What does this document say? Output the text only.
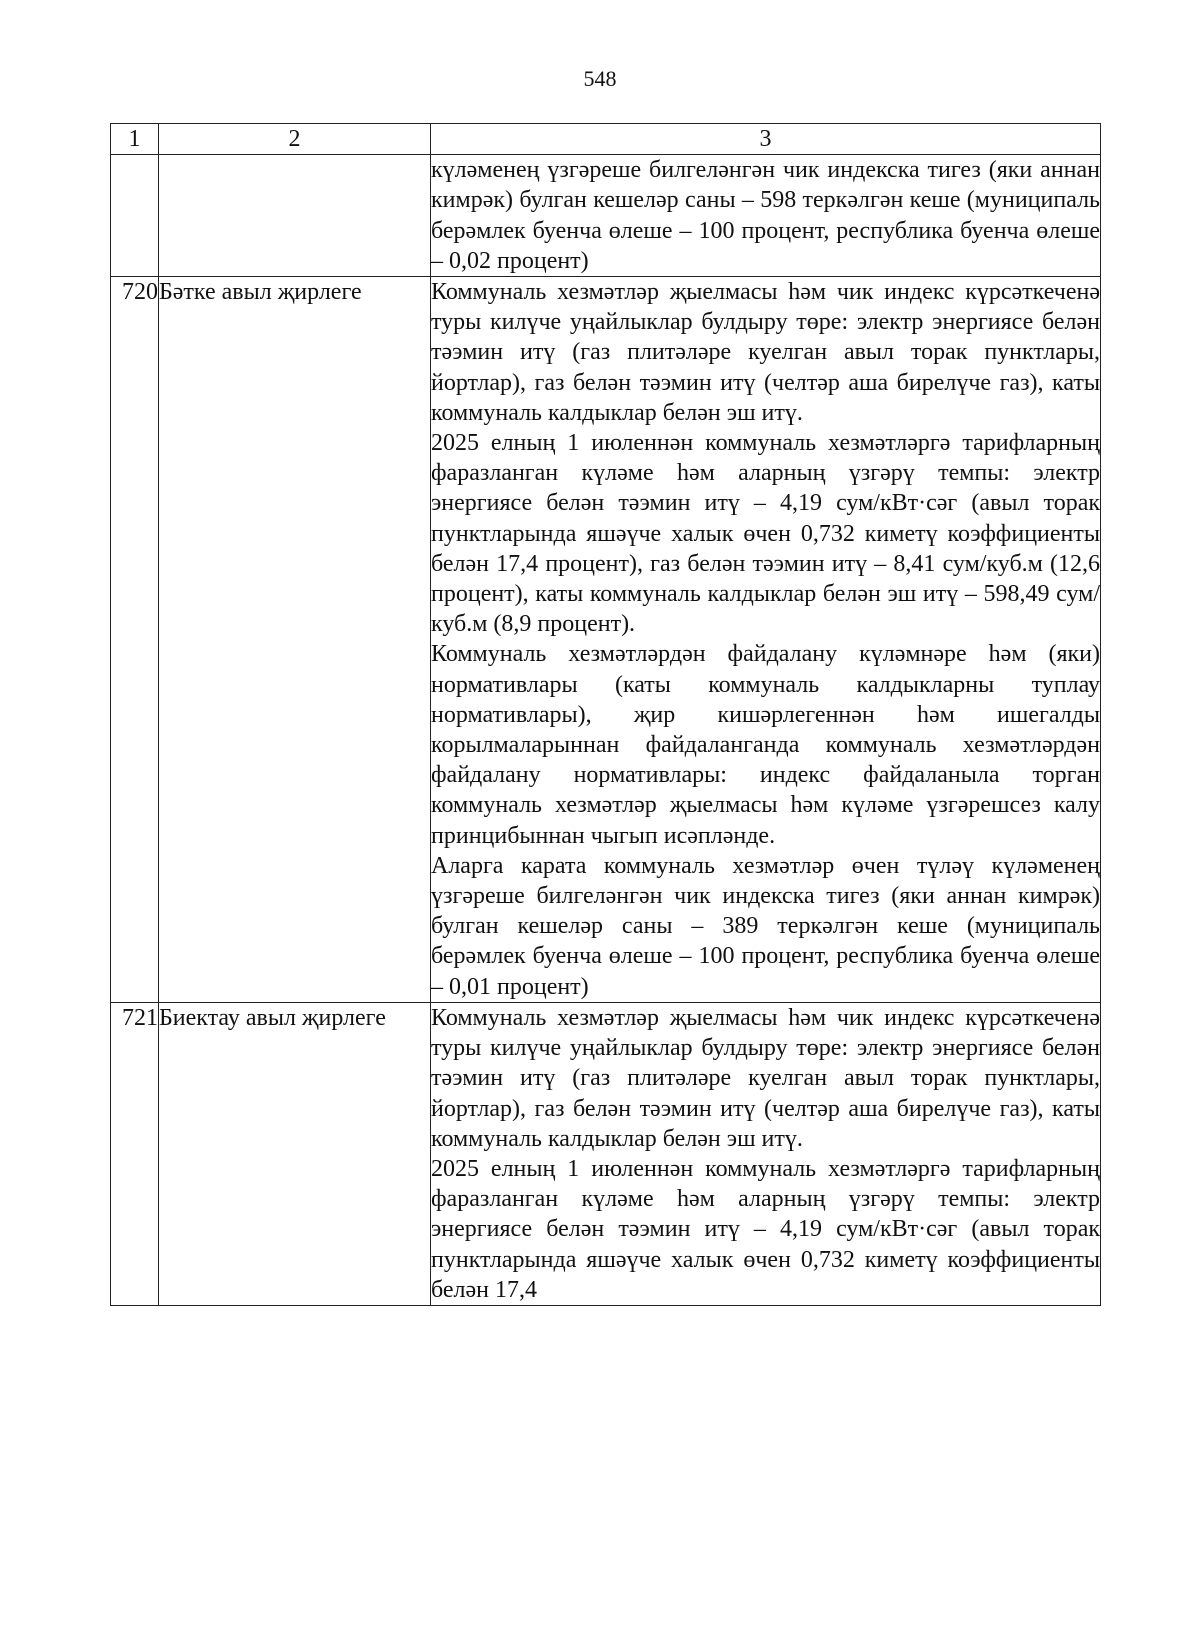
548
1	2	3

		күләменең үзгәреше билгеләнгән чик индекска тигез (яки аннан кимрәк) булган кешеләр саны – 598 теркәлгән кеше (муниципаль берәмлек буенча өлеше – 100 процент, республика буенча өлеше – 0,02 процент)

720	Бәтке авыл җирлеге	Коммуналь хезмәтләр җыелмасы һәм чик индекс күрсәткеченә туры килүче уңайлыклар булдыру төре: электр энергиясе белән тәэмин итү (газ плитәләре куелган авыл торак пунктлары, йортлар), газ белән тәэмин итү (челтәр аша бирелүче газ), каты коммуналь калдыклар белән эш итү.

2025 елның 1 июленнән коммуналь хезмәтләргә тарифларның фаразланган күләме һәм аларның үзгәрү темпы: электр энергиясе белән тәэмин итү – 4,19 сум/кВт·сәг (авыл торак пунктларында яшәүче халык өчен 0,732 киметү коэффициенты белән 17,4 процент), газ белән тәэмин итү – 8,41 сум/куб.м (12,6 процент), каты коммуналь калдыклар белән эш итү – 598,49 сум/куб.м (8,9 процент).

Коммуналь хезмәтләрдән файдалану күләмнәре һәм (яки) нормативлары (каты коммуналь калдыкларны туплау нормативлары), җир кишәрлегеннән һәм ишегалды корылмаларыннан файдаланганда коммуналь хезмәтләрдән файдалану нормативлары: индекс файдаланыла торган коммуналь хезмәтләр җыелмасы һәм күләме үзгәрешсез калу принцибыннан чыгып исәпләнде.

Аларга карата коммуналь хезмәтләр өчен түләү күләменең үзгәреше билгеләнгән чик индекска тигез (яки аннан кимрәк) булган кешеләр саны – 389 теркәлгән кеше (муниципаль берәмлек буенча өлеше – 100 процент, республика буенча өлеше – 0,01 процент)

721	Биектау авыл җирлеге	Коммуналь хезмәтләр җыелмасы һәм чик индекс күрсәткеченә туры килүче уңайлыклар булдыру төре: электр энергиясе белән тәэмин итү (газ плитәләре куелган авыл торак пунктлары, йортлар), газ белән тәэмин итү (челтәр аша бирелүче газ), каты коммуналь калдыклар белән эш итү.

2025 елның 1 июленнән коммуналь хезмәтләргә тарифларның фаразланган күләме һәм аларның үзгәрү темпы: электр энергиясе белән тәэмин итү – 4,19 сум/кВт·сәг (авыл торак пунктларында яшәүче халык өчен 0,732 киметү коэффициенты белән 17,4
